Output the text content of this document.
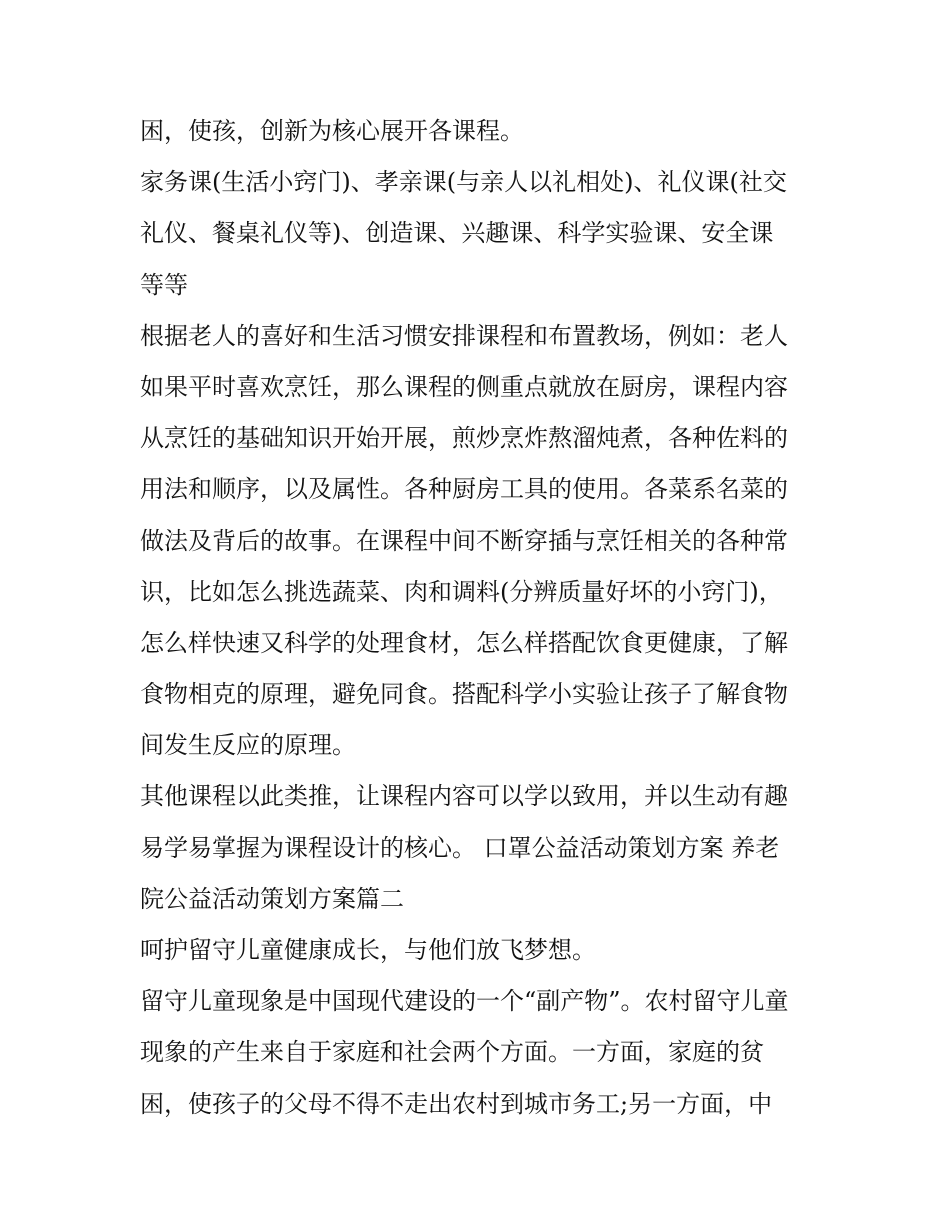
困，使孩，创新为核心展开各课程。
家务课(生活小窍门)、孝亲课(与亲人以礼相处)、礼仪课(社交
礼仪、餐桌礼仪等)、创造课、兴趣课、科学实验课、安全课
等等
根据老人的喜好和生活习惯安排课程和布置教场，例如：老人
如果平时喜欢烹饪，那么课程的侧重点就放在厨房，课程内容
从烹饪的基础知识开始开展，煎炒烹炸熬溜炖煮，各种佐料的
用法和顺序，以及属性。各种厨房工具的使用。各菜系名菜的
做法及背后的故事。在课程中间不断穿插与烹饪相关的各种常
识，比如怎么挑选蔬菜、肉和调料(分辨质量好坏的小窍门)，
怎么样快速又科学的处理食材，怎么样搭配饮食更健康，了解
食物相克的原理，避免同食。搭配科学小实验让孩子了解食物
间发生反应的原理。
其他课程以此类推，让课程内容可以学以致用，并以生动有趣
易学易掌握为课程设计的核心。 口罩公益活动策划方案 养老
院公益活动策划方案篇二
呵护留守儿童健康成长，与他们放飞梦想。
留守儿童现象是中国现代建设的一个“副产物”。农村留守儿童
现象的产生来自于家庭和社会两个方面。一方面，家庭的贫
困，使孩子的父母不得不走出农村到城市务工;另一方面，中
